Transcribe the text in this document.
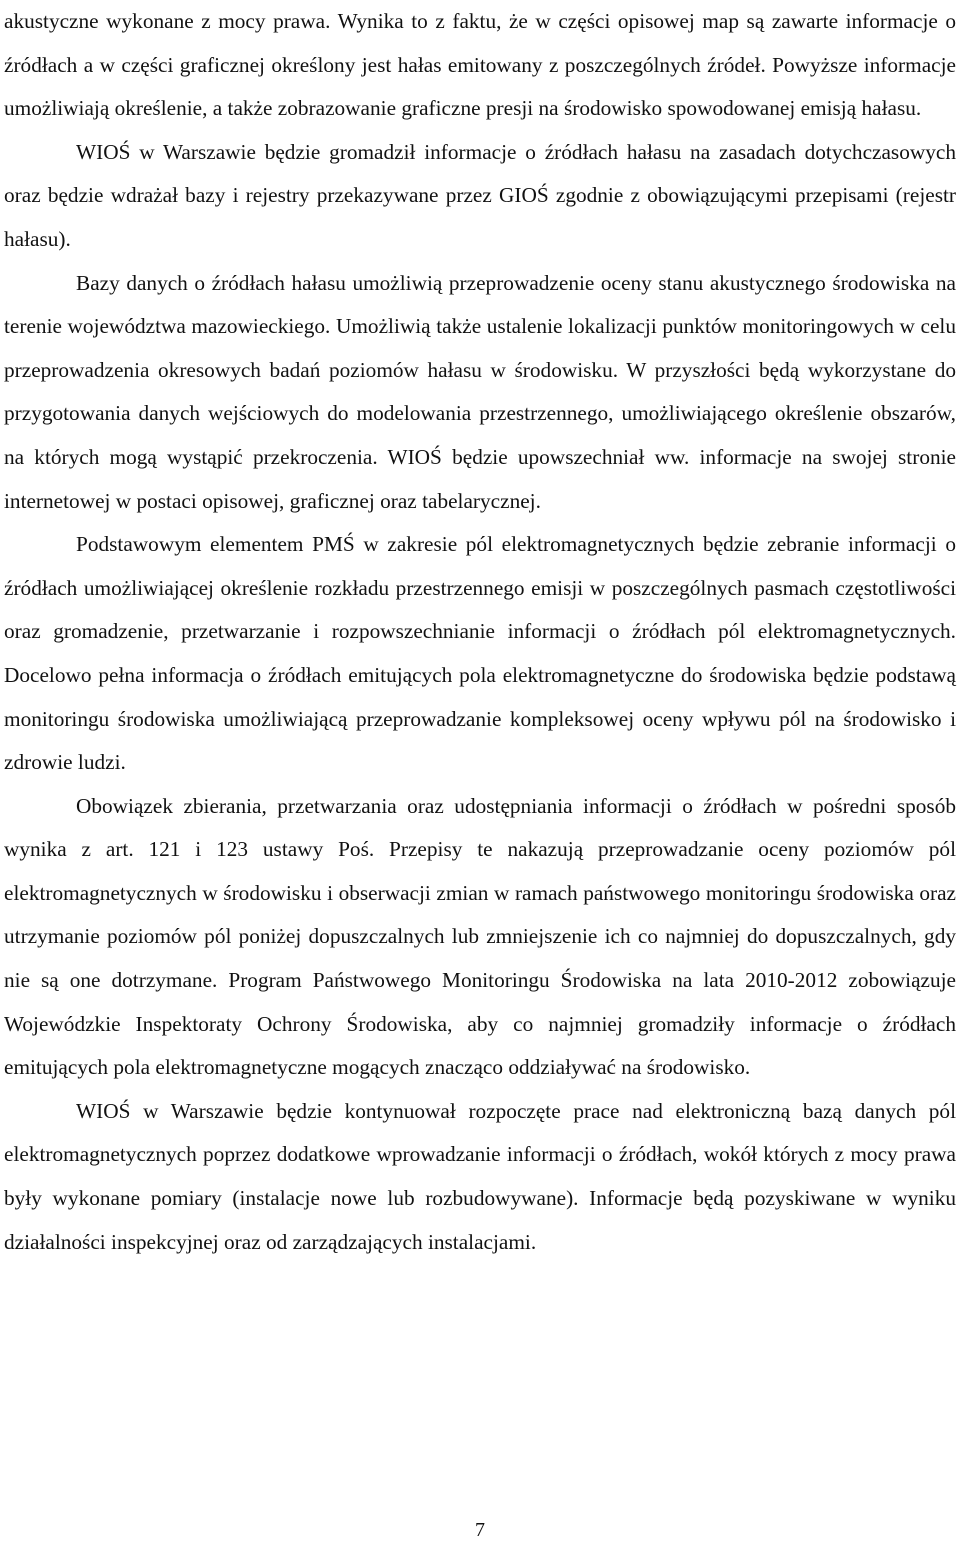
akustyczne wykonane z mocy prawa. Wynika to z faktu, że w części opisowej map są zawarte informacje o źródłach a w części graficznej określony jest hałas emitowany z poszczególnych źródeł. Powyższe informacje umożliwiają określenie, a także zobrazowanie graficzne presji na środowisko spowodowanej emisją hałasu.

WIOŚ w Warszawie będzie gromadził informacje o źródłach hałasu na zasadach dotychczasowych oraz będzie wdrażał bazy i rejestry przekazywane przez GIOŚ zgodnie z obowiązującymi przepisami (rejestr hałasu).

Bazy danych o źródłach hałasu umożliwią przeprowadzenie oceny stanu akustycznego środowiska na terenie województwa mazowieckiego. Umożliwią także ustalenie lokalizacji punktów monitoringowych w celu przeprowadzenia okresowych badań poziomów hałasu w środowisku. W przyszłości będą wykorzystane do przygotowania danych wejściowych do modelowania przestrzennego, umożliwiającego określenie obszarów, na których mogą wystąpić przekroczenia. WIOŚ będzie upowszechniał ww. informacje na swojej stronie internetowej w postaci opisowej, graficznej oraz tabelarycznej.

Podstawowym elementem PMŚ w zakresie pól elektromagnetycznych będzie zebranie informacji o źródłach umożliwiającej określenie rozkładu przestrzennego emisji w poszczególnych pasmach częstotliwości oraz gromadzenie, przetwarzanie i rozpowszechnianie informacji o źródłach pól elektromagnetycznych. Docelowo pełna informacja o źródłach emitujących pola elektromagnetyczne do środowiska będzie podstawą monitoringu środowiska umożliwiającą przeprowadzanie kompleksowej oceny wpływu pól na środowisko i zdrowie ludzi.

Obowiązek zbierania, przetwarzania oraz udostępniania informacji o źródłach w pośredni sposób wynika z art. 121 i 123 ustawy Poś. Przepisy te nakazują przeprowadzanie oceny poziomów pól elektromagnetycznych w środowisku i obserwacji zmian w ramach państwowego monitoringu środowiska oraz utrzymanie poziomów pól poniżej dopuszczalnych lub zmniejszenie ich co najmniej do dopuszczalnych, gdy nie są one dotrzymane. Program Państwowego Monitoringu Środowiska na lata 2010-2012 zobowiązuje Wojewódzkie Inspektoraty Ochrony Środowiska, aby co najmniej gromadziły informacje o źródłach emitujących pola elektromagnetyczne mogących znacząco oddziaływać na środowisko.

WIOŚ w Warszawie będzie kontynuował rozpoczęte prace nad elektroniczną bazą danych pól elektromagnetycznych poprzez dodatkowe wprowadzanie informacji o źródłach, wokół których z mocy prawa były wykonane pomiary (instalacje nowe lub rozbudowywane). Informacje będą pozyskiwane w wyniku działalności inspekcyjnej oraz od zarządzających instalacjami.

7
